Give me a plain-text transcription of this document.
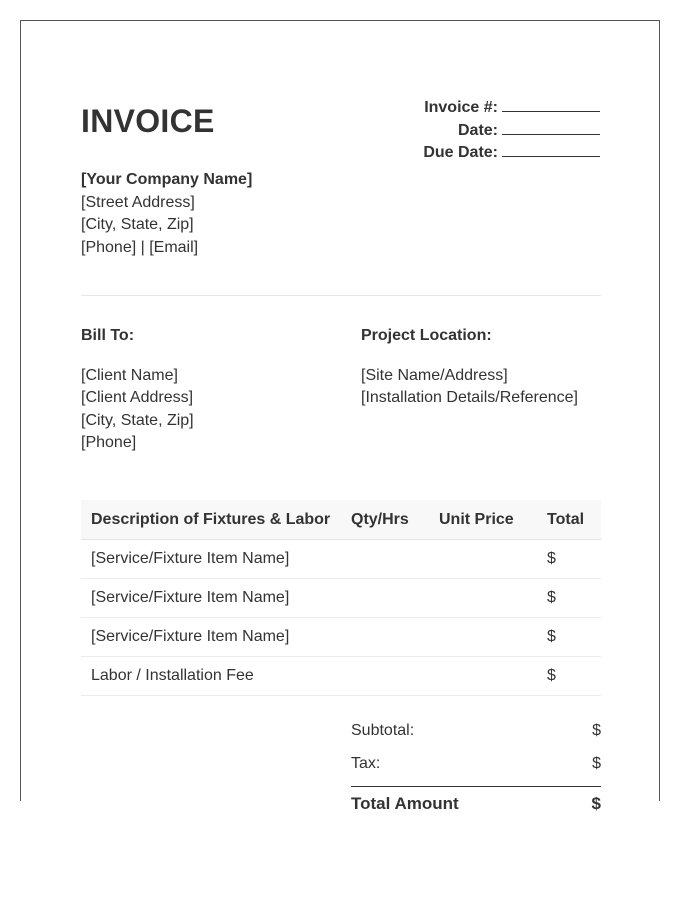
INVOICE	Invoice #:
Date:
Due Date:
[Your Company Name]
[Street Address]
[City, State, Zip]
[Phone] | [Email]
Bill To:
[Client Name]
[Client Address]
[City, State, Zip]
[Phone]
Project Location:
[Site Name/Address]
[Installation Details/Reference]
Description of Fixtures & Labor	Qty/Hrs	Unit Price	Total
[Service/Fixture Item Name]			$
[Service/Fixture Item Name]			$
[Service/Fixture Item Name]			$
Labor / Installation Fee			$
Subtotal:	$
Tax:	$
Total Amount	$
